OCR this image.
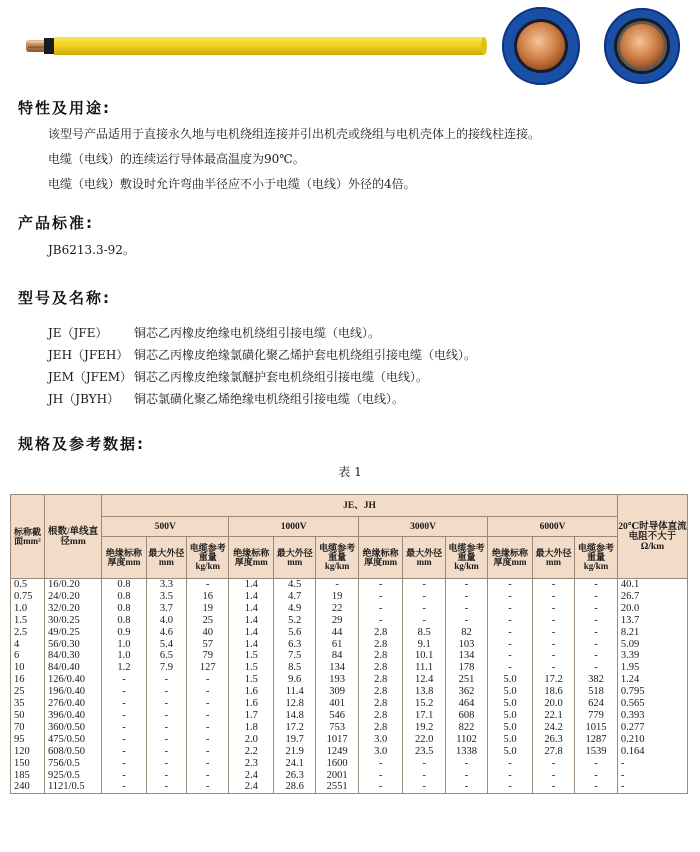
特性及用途:
该型号产品适用于直接永久地与电机绕组连接并引出机壳或绕组与电机壳体上的接线柱连接。
电缆（电线）的连续运行导体最高温度为90℃。
电缆（电线）敷设时允许弯曲半径应不小于电缆（电线）外径的4倍。
产品标准:
JB6213.3-92。
型号及名称:
JE（JFE） 铜芯乙丙橡皮绝缘电机绕组引接电缆（电线）。
JEH（JFEH） 铜芯乙丙橡皮绝缘氯磺化聚乙烯护套电机绕组引接电缆（电线）。
JEM（JFEM） 铜芯乙丙橡皮绝缘氯醚护套电机绕组引接电缆（电线）。
JH（JBYH） 铜芯氯磺化聚乙烯绝缘电机绕组引接电缆（电线）。
规格及参考数据:
表 1
标称截面mm²	根数/单线直径mm	JE、JH												20℃时导体直流电阻不大于Ω/km
		500V			1000V			3000V			6000V			
		绝缘标称厚度mm	最大外径mm	电缆参考重量kg/km	绝缘标称厚度mm	最大外径mm	电缆参考重量kg/km	绝缘标称厚度mm	最大外径mm	电缆参考重量kg/km	绝缘标称厚度mm	最大外径mm	电缆参考重量kg/km	
0.5	16/0.20	0.8	3.3	-	1.4	4.5	-	-	-	-	-	-	-	40.1
0.75	24/0.20	0.8	3.5	16	1.4	4.7	19	-	-	-	-	-	-	26.7
1.0	32/0.20	0.8	3.7	19	1.4	4.9	22	-	-	-	-	-	-	20.0
1.5	30/0.25	0.8	4.0	25	1.4	5.2	29	-	-	-	-	-	-	13.7
2.5	49/0.25	0.9	4.6	40	1.4	5.6	44	2.8	8.5	82	-	-	-	8.21
4	56/0.30	1.0	5.4	57	1.4	6.3	61	2.8	9.1	103	-	-	-	5.09
6	84/0.30	1.0	6.5	79	1.5	7.5	84	2.8	10.1	134	-	-	-	3.39
10	84/0.40	1.2	7.9	127	1.5	8.5	134	2.8	11.1	178	-	-	-	1.95
16	126/0.40	-	-	-	1.5	9.6	193	2.8	12.4	251	5.0	17.2	382	1.24
25	196/0.40	-	-	-	1.6	11.4	309	2.8	13.8	362	5.0	18.6	518	0.795
35	276/0.40	-	-	-	1.6	12.8	401	2.8	15.2	464	5.0	20.0	624	0.565
50	396/0.40	-	-	-	1.7	14.8	546	2.8	17.1	608	5.0	22.1	779	0.393
70	360/0.50	-	-	-	1.8	17.2	753	2.8	19.2	822	5.0	24.2	1015	0.277
95	475/0.50	-	-	-	2.0	19.7	1017	3.0	22.0	1102	5.0	26.3	1287	0.210
120	608/0.50	-	-	-	2.2	21.9	1249	3.0	23.5	1338	5.0	27.8	1539	0.164
150	756/0.5	-	-	-	2.3	24.1	1600	-	-	-	-	-	-	-
185	925/0.5	-	-	-	2.4	26.3	2001	-	-	-	-	-	-	-
240	1121/0.5	-	-	-	2.4	28.6	2551	-	-	-	-	-	-	-
